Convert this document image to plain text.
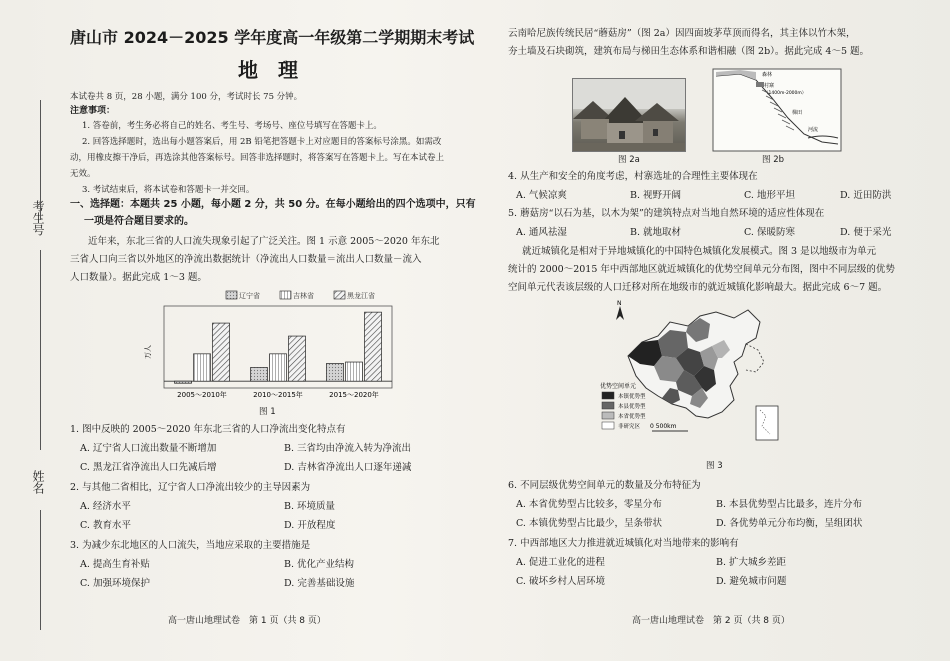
考生号
姓名
唐山市 2024－2025 学年度高一年级第二学期期末考试
地　理
本试卷共 8 页，28 小题，满分 100 分，考试时长 75 分钟。
注意事项：
1. 答卷前，考生务必将自己的姓名、考生号、考场号、座位号填写在答题卡上。
2. 回答选择题时，选出每小题答案后，用 2B 铅笔把答题卡上对应题目的答案标号涂黑。如需改
动，用橡皮擦干净后，再选涂其他答案标号。回答非选择题时，将答案写在答题卡上。写在本试卷上
无效。
3. 考试结束后，将本试卷和答题卡一并交回。
一、选择题：本题共 25 小题，每小题 2 分，共 50 分。在每小题给出的四个选项中，只有
一项是符合题目要求的。
近年来，东北三省的人口流失现象引起了广泛关注。图 1 示意 2005～2020 年东北
三省人口向三省以外地区的净流出数据统计（净流出人口数量＝流出人口数量－流入
人口数量）。据此完成 1～3 题。
万人
2005～2010年	2010～2015年	2015～2020年
辽宁省	吉林省	黑龙江省
图 1
1. 图中反映的 2005～2020 年东北三省的人口净流出变化特点有
A. 辽宁省人口流出数量不断增加	B. 三省均由净流入转为净流出
C. 黑龙江省净流出人口先减后增	D. 吉林省净流出人口逐年递减
2. 与其他二省相比，辽宁省人口净流出较少的主导因素为
A. 经济水平	B. 环境质量
C. 教育水平	D. 开放程度
3. 为减少东北地区的人口流失，当地应采取的主要措施是
A. 提高生育补贴	B. 优化产业结构
C. 加强环境保护	D. 完善基础设施
高一唐山地理试卷　第 1 页（共 8 页）
云南哈尼族传统民居“蘑菇房”（图 2a）因四面坡茅草顶而得名，其主体以竹木架，
夯土墙及石块砌筑，建筑布局与梯田生态体系和谐相融（图 2b）。据此完成 4～5 题。
图 2a
森林
村寨
（1400m-2000m）
梯田
河流
图 2b
4. 从生产和安全的角度考虑，村寨选址的合理性主要体现在
A. 气候凉爽	B. 视野开阔	C. 地形平坦	D. 近田防洪
5. 蘑菇房“以石为基，以木为架”的建筑特点对当地自然环境的适应性体现在
A. 通风祛湿	B. 就地取材	C. 保暖防寒	D. 便于采光
就近城镇化是相对于异地城镇化的中国特色城镇化发展模式。图 3 是以地级市为单元
统计的 2000～2015 年中西部地区就近城镇化的优势空间单元分布图，图中不同层级的优势
空间单元代表该层级的人口迁移对所在地级市的就近城镇化影响最大。据此完成 6～7 题。
N
优势空间单元
本镇优势型
本县优势型
本省优势型
非研究区 0 500km
图 3
6. 不同层级优势空间单元的数量及分布特征为
A. 本省优势型占比较多，零星分布	B. 本县优势型占比最多，连片分布
C. 本镇优势型占比最少，呈条带状	D. 各优势单元分布均衡，呈组团状
7. 中西部地区大力推进就近城镇化对当地带来的影响有
A. 促进工业化的进程	B. 扩大城乡差距
C. 破坏乡村人居环境	D. 避免城市问题
高一唐山地理试卷　第 2 页（共 8 页）
